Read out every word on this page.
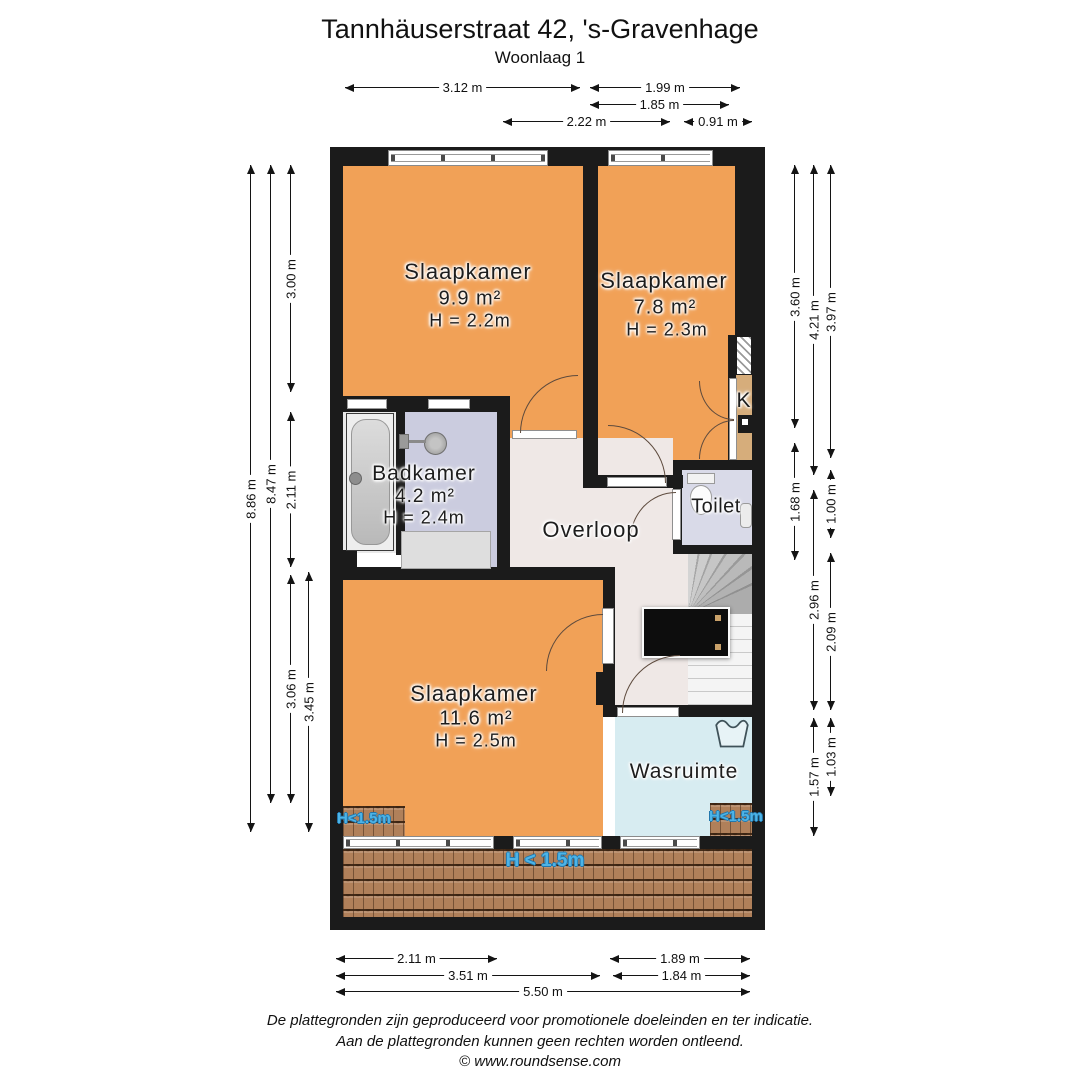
Tannhäuserstraat 42, 's-Gravenhage
Woonlaag 1
Slaapkamer
9.9 m²
H = 2.2m
Slaapkamer
7.8 m²
H = 2.3m
Badkamer
4.2 m²
H = 2.4m	Overloop
Toilet
Slaapkamer
11.6 m²
H = 2.5m
Wasruimte
K
H<1.5m	H<1.5m
H < 1.5m
3.12 m	1.99 m
1.85 m
2.22 m	0.91 m
8.86 m 8.47 m
3.00 m
2.11 m
3.06 m 3.45 m
3.60 m
1.68 m
4.21 m
2.96 m
1.57 m
3.97 m
1.00 m
2.09 m
1.03 m
2.11 m	1.89 m
3.51 m	1.84 m
5.50 m
De plattegronden zijn geproduceerd voor promotionele doeleinden en ter indicatie.
Aan de plattegronden kunnen geen rechten worden ontleend.
© www.roundsense.com
